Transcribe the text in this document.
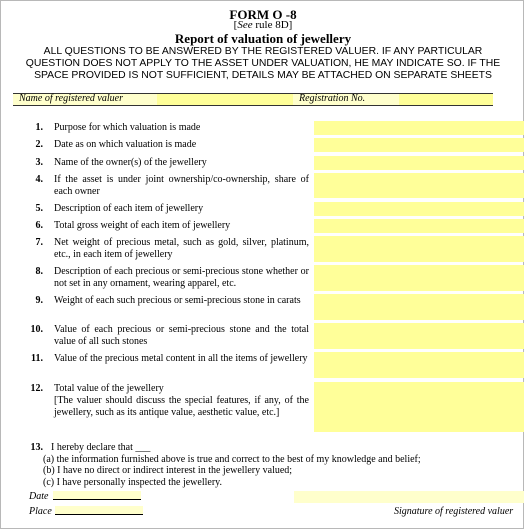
FORM O -8
[See rule 8D]
Report of valuation of jewellery
ALL QUESTIONS TO BE ANSWERED BY THE REGISTERED VALUER. IF ANY PARTICULAR
QUESTION DOES NOT APPLY TO THE ASSET UNDER VALUATION, HE MAY INDICATE SO. IF THE
SPACE PROVIDED IS NOT SUFFICIENT, DETAILS MAY BE ATTACHED ON SEPARATE SHEETS
Name of registered valuer	Registration No.
1. Purpose for which valuation is made
2. Date as on which valuation is made
3. Name of the owner(s) of the jewellery
4. If the asset is under joint ownership/co-ownership, share of each owner
5. Description of each item of jewellery
6. Total gross weight of each item of jewellery
7. Net weight of precious metal, such as gold, silver, platinum, etc., in each item of jewellery
8. Description of each precious or semi-precious stone whether or not set in any ornament, wearing apparel, etc.
9. Weight of each such precious or semi-precious stone in carats
10. Value of each precious or semi-precious stone and the total value of all such stones
11. Value of the precious metal content in all the items of jewellery
12. Total value of the jewellery
[The valuer should discuss the special features, if any, of the jewellery, such as its antique value, aesthetic value, etc.]
13. I hereby declare that ___
(a) the information furnished above is true and correct to the best of my knowledge and belief;
(b) I have no direct or indirect interest in the jewellery valued;
(c) I have personally inspected the jewellery.
Date
Place	Signature of registered valuer
